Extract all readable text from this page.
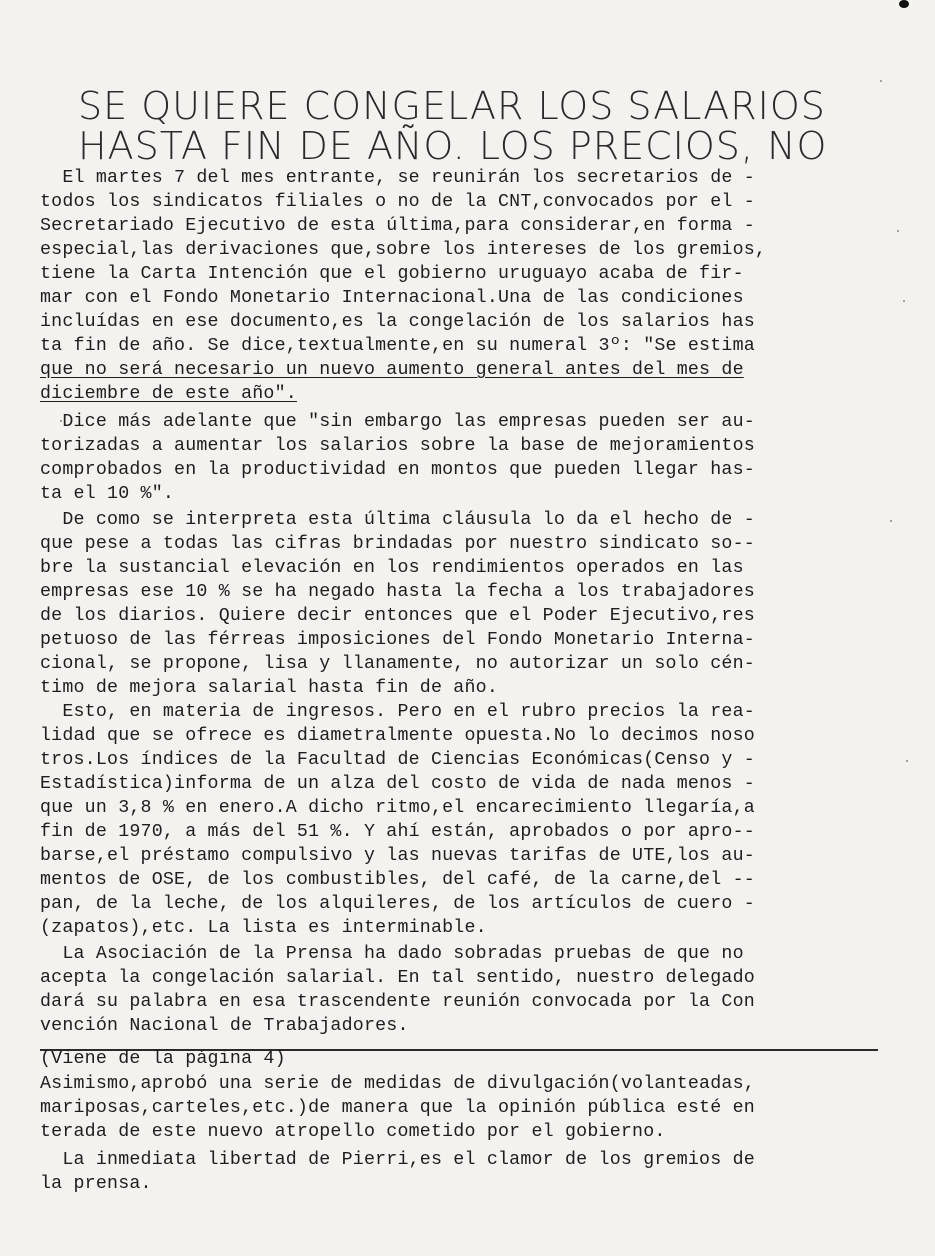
SE QUIERE CONGELAR LOS SALARIOS
HASTA FIN DE AÑO. LOS PRECIOS, NO
El martes 7 del mes entrante, se reunirán los secretarios de -
todos los sindicatos filiales o no de la CNT,convocados por el -
Secretariado Ejecutivo de esta última,para considerar,en forma -
especial,las derivaciones que,sobre los intereses de los gremios,
tiene la Carta Intención que el gobierno uruguayo acaba de fir-
mar con el Fondo Monetario Internacional.Una de las condiciones
incluídas en ese documento,es la congelación de los salarios has
ta fin de año. Se dice,textualmente,en su numeral 3º: "Se estima
que no será necesario un nuevo aumento general antes del mes de
diciembre de este año".
Dice más adelante que "sin embargo las empresas pueden ser au-
torizadas a aumentar los salarios sobre la base de mejoramientos
comprobados en la productividad en montos que pueden llegar has-
ta el 10 %".
De como se interpreta esta última cláusula lo da el hecho de -
que pese a todas las cifras brindadas por nuestro sindicato so--
bre la sustancial elevación en los rendimientos operados en las
empresas ese 10 % se ha negado hasta la fecha a los trabajadores
de los diarios. Quiere decir entonces que el Poder Ejecutivo,res
petuoso de las férreas imposiciones del Fondo Monetario Interna-
cional, se propone, lisa y llanamente, no autorizar un solo cén-
timo de mejora salarial hasta fin de año.
Esto, en materia de ingresos. Pero en el rubro precios la rea-
lidad que se ofrece es diametralmente opuesta.No lo decimos noso
tros.Los índices de la Facultad de Ciencias Económicas(Censo y -
Estadística)informa de un alza del costo de vida de nada menos -
que un 3,8 % en enero.A dicho ritmo,el encarecimiento llegaría,a
fin de 1970, a más del 51 %. Y ahí están, aprobados o por apro--
barse,el préstamo compulsivo y las nuevas tarifas de UTE,los au-
mentos de OSE, de los combustibles, del café, de la carne,del --
pan, de la leche, de los alquileres, de los artículos de cuero -
(zapatos),etc. La lista es interminable.
La Asociación de la Prensa ha dado sobradas pruebas de que no
acepta la congelación salarial. En tal sentido, nuestro delegado
dará su palabra en esa trascendente reunión convocada por la Con
vención Nacional de Trabajadores.
(Viene de la página 4)
Asimismo,aprobó una serie de medidas de divulgación(volanteadas,
mariposas,carteles,etc.)de manera que la opinión pública esté en
terada de este nuevo atropello cometido por el gobierno.
La inmediata libertad de Pierri,es el clamor de los gremios de
la prensa.
